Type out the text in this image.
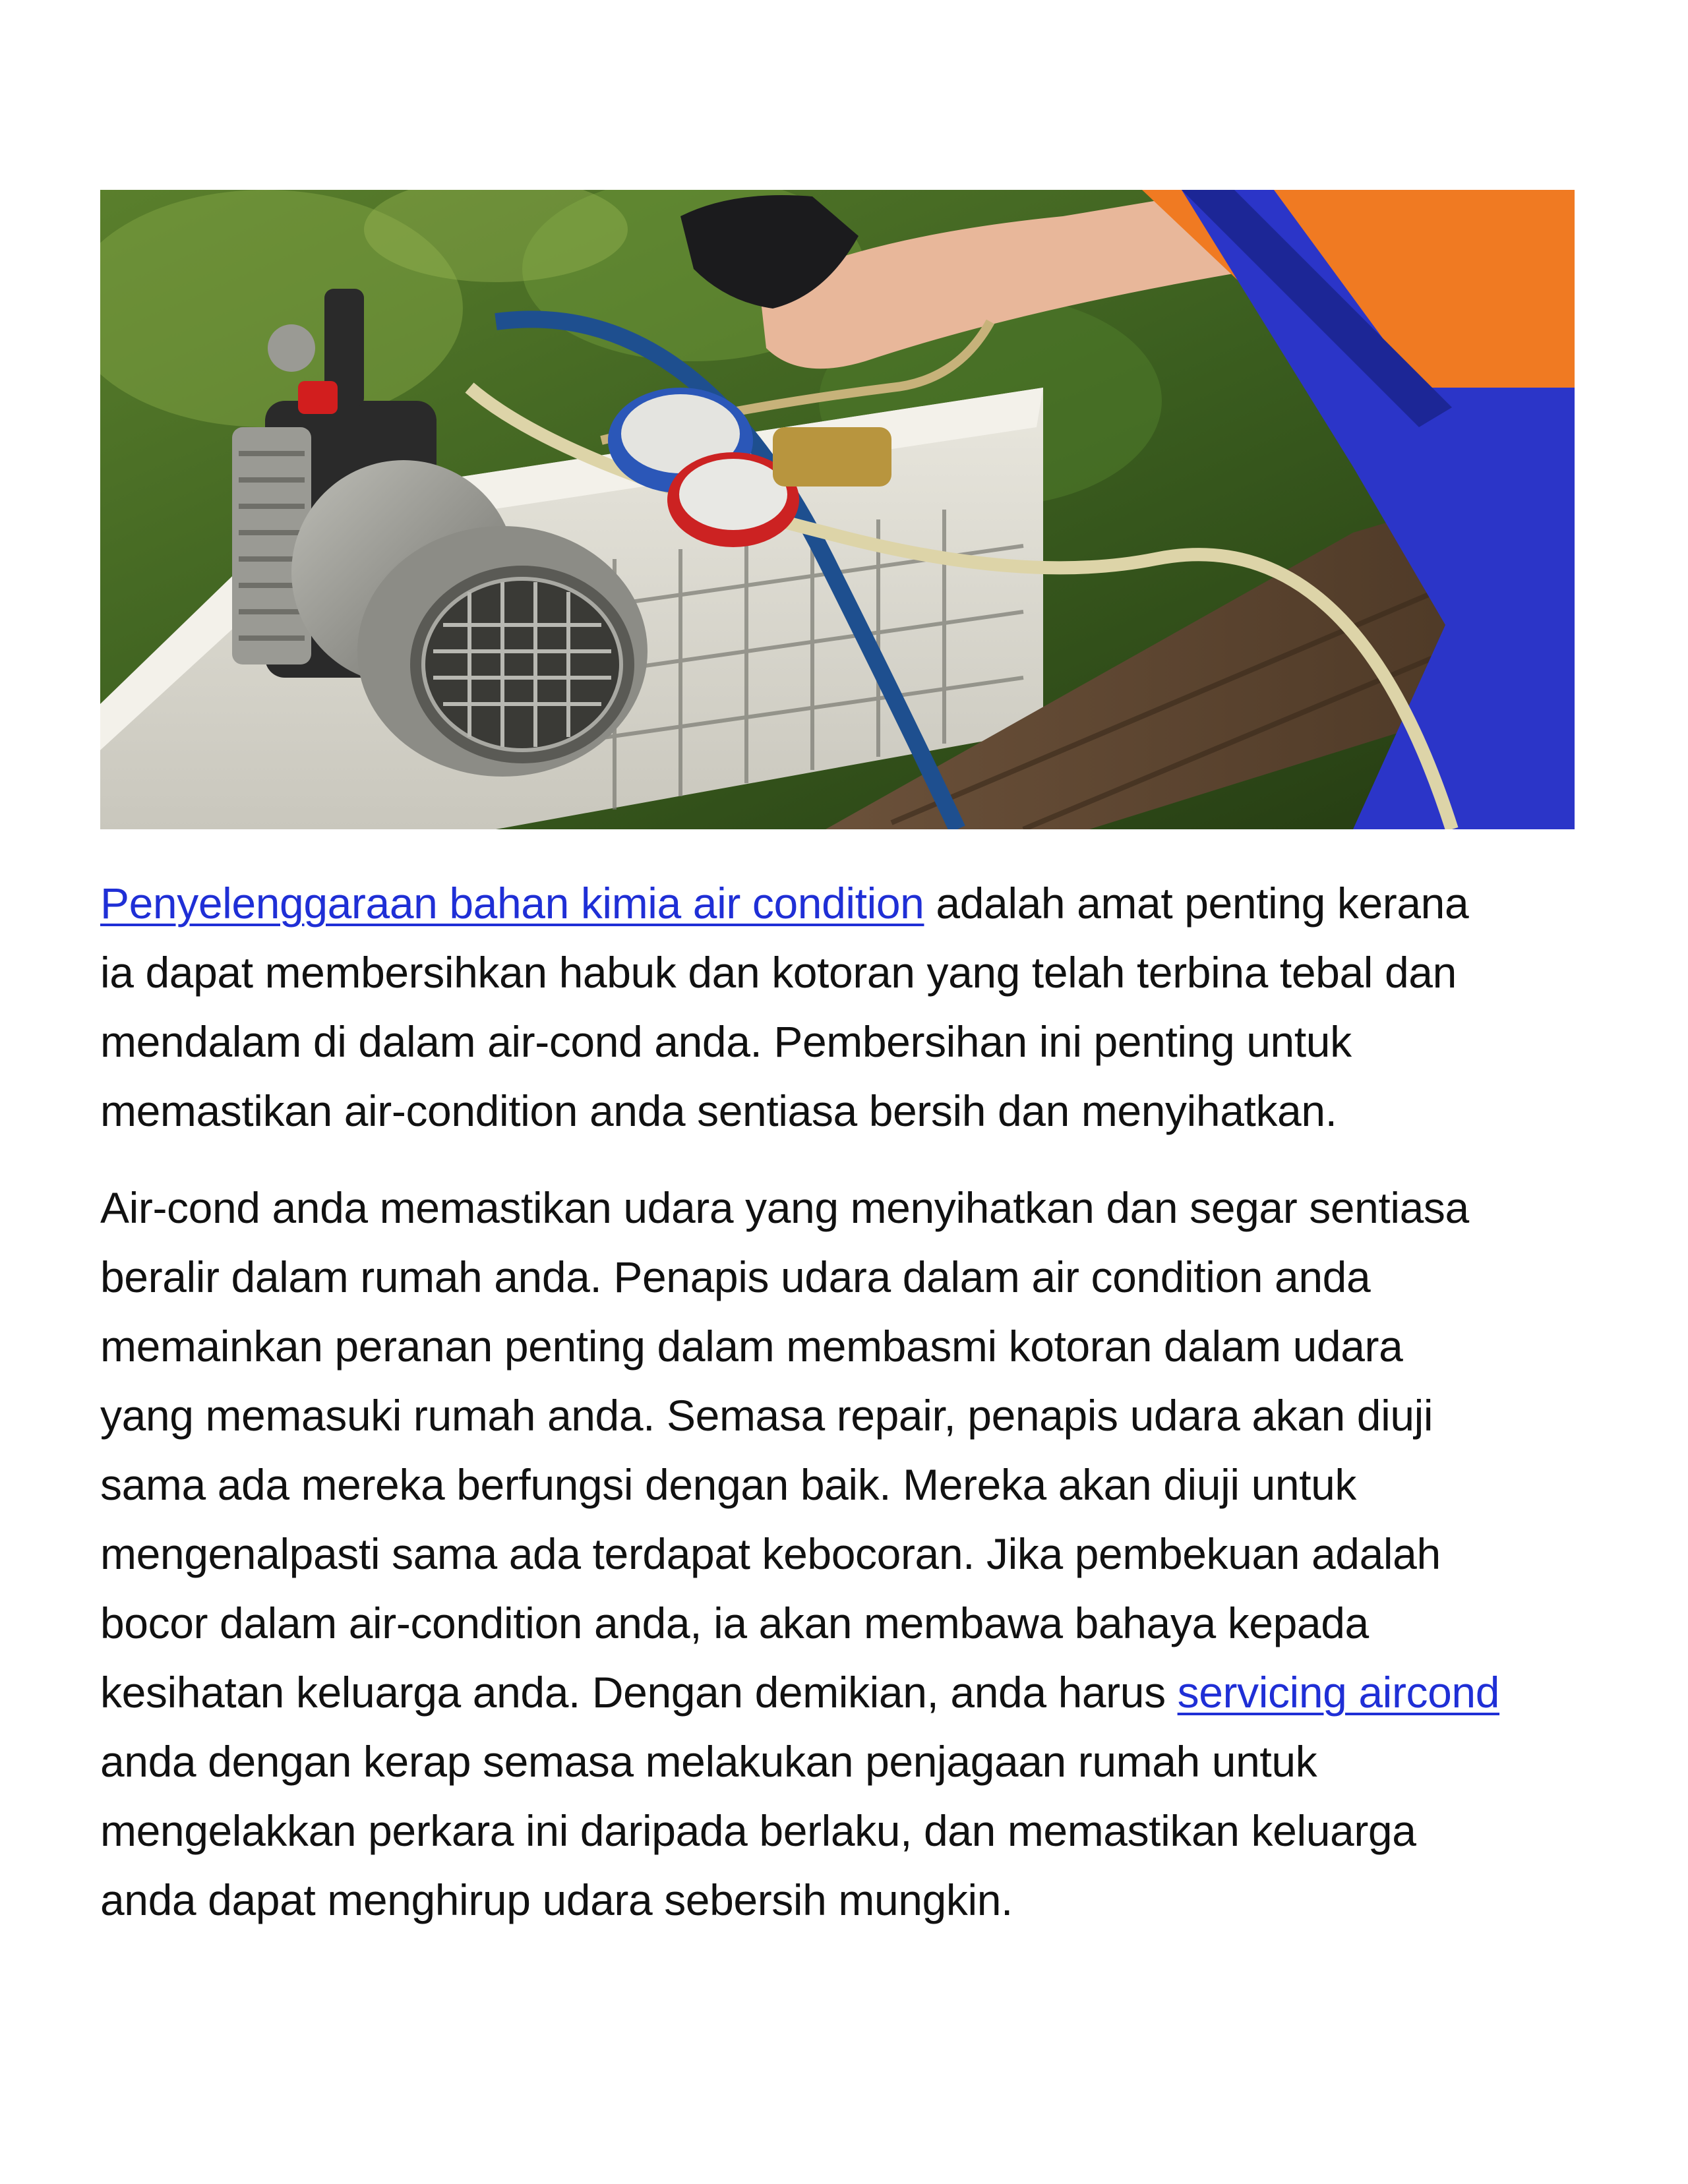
Penyelenggaraan bahan kimia air condition adalah amat penting kerana
ia dapat membersihkan habuk dan kotoran yang telah terbina tebal dan
mendalam di dalam air-cond anda. Pembersihan ini penting untuk
memastikan air-condition anda sentiasa bersih dan menyihatkan.

Air-cond anda memastikan udara yang menyihatkan dan segar sentiasa
beralir dalam rumah anda. Penapis udara dalam air condition anda
memainkan peranan penting dalam membasmi kotoran dalam udara
yang memasuki rumah anda. Semasa repair, penapis udara akan diuji
sama ada mereka berfungsi dengan baik. Mereka akan diuji untuk
mengenalpasti sama ada terdapat kebocoran. Jika pembekuan adalah
bocor dalam air-condition anda, ia akan membawa bahaya kepada
kesihatan keluarga anda. Dengan demikian, anda harus servicing aircond
anda dengan kerap semasa melakukan penjagaan rumah untuk
mengelakkan perkara ini daripada berlaku, dan memastikan keluarga
anda dapat menghirup udara sebersih mungkin.
